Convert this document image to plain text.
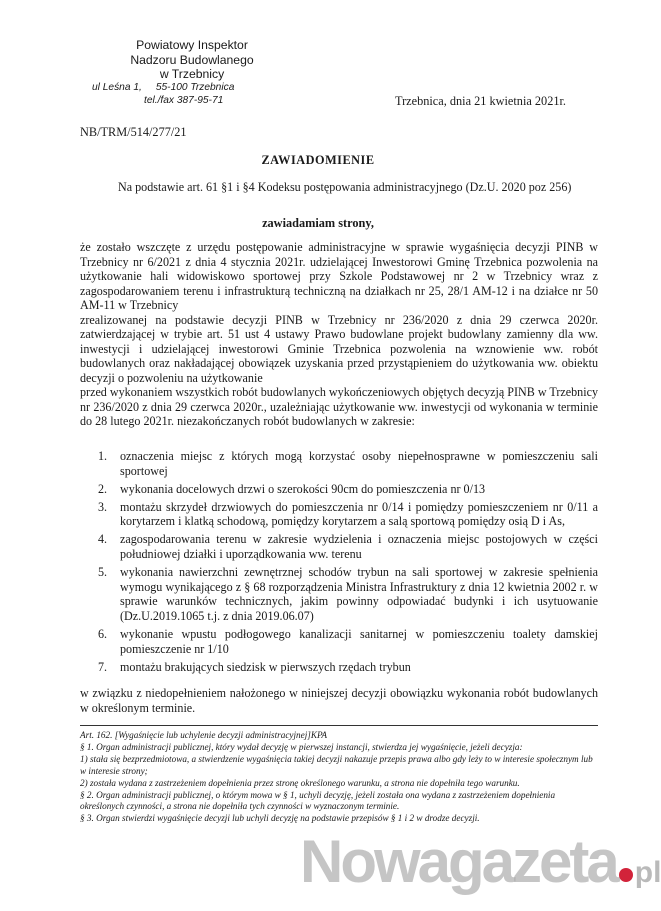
Powiatowy Inspektor
Nadzoru Budowlanego
w Trzebnicy
ul Leśna 1, 55-100 Trzebnica
tel./fax 387-95-71	Trzebnica, dnia 21 kwietnia 2021r.
NB/TRM/514/277/21
ZAWIADOMIENIE
Na podstawie art. 61 §1 i §4 Kodeksu postępowania administracyjnego (Dz.U. 2020 poz 256)
zawiadamiam strony,

że zostało wszczęte z urzędu postępowanie administracyjne w sprawie wygaśnięcia decyzji PINB w Trzebnicy nr 6/2021 z dnia 4 stycznia 2021r. udzielającej Inwestorowi Gminę Trzebnica pozwolenia na użytkowanie hali widowiskowo sportowej przy Szkole Podstawowej nr 2 w Trzebnicy wraz z zagospodarowaniem terenu i infrastrukturą techniczną na działkach nr 25, 28/1 AM-12 i na działce nr 50 AM-11 w Trzebnicy

zrealizowanej na podstawie decyzji PINB w Trzebnicy nr 236/2020 z dnia 29 czerwca 2020r. zatwierdzającej w trybie art. 51 ust 4 ustawy Prawo budowlane projekt budowlany zamienny dla ww. inwestycji i udzielającej inwestorowi Gminie Trzebnica pozwolenia na wznowienie ww. robót budowlanych oraz nakładającej obowiązek uzyskania przed przystąpieniem do użytkowania ww. obiektu decyzji o pozwoleniu na użytkowanie

przed wykonaniem wszystkich robót budowlanych wykończeniowych objętych decyzją PINB w Trzebnicy nr 236/2020 z dnia 29 czerwca 2020r., uzależniając użytkowanie ww. inwestycji od wykonania w terminie do 28 lutego 2021r. niezakończanych robót budowlanych w zakresie:

1. oznaczenia miejsc z których mogą korzystać osoby niepełnosprawne w pomieszczeniu sali sportowej
2. wykonania docelowych drzwi o szerokości 90cm do pomieszczenia nr 0/13
3. montażu skrzydeł drzwiowych do pomieszczenia nr 0/14 i pomiędzy pomieszczeniem nr 0/11 a korytarzem i klatką schodową, pomiędzy korytarzem a salą sportową pomiędzy osią D i As,
4. zagospodarowania terenu w zakresie wydzielenia i oznaczenia miejsc postojowych w części południowej działki i uporządkowania ww. terenu
5. wykonania nawierzchni zewnętrznej schodów trybun na sali sportowej w zakresie spełnienia wymogu wynikającego z § 68 rozporządzenia Ministra Infrastruktury z dnia 12 kwietnia 2002 r. w sprawie warunków technicznych, jakim powinny odpowiadać budynki i ich usytuowanie (Dz.U.2019.1065 t.j. z dnia 2019.06.07)
6. wykonanie wpustu podłogowego kanalizacji sanitarnej w pomieszczeniu toalety damskiej pomieszczenie nr 1/10
7. montażu brakujących siedzisk w pierwszych rzędach trybun
w związku z niedopełnieniem nałożonego w niniejszej decyzji obowiązku wykonania robót budowlanych w określonym terminie.

Art. 162. [Wygaśnięcie lub uchylenie decyzji administracyjnej]KPA

§ 1. Organ administracji publicznej, który wydał decyzję w pierwszej instancji, stwierdza jej wygaśnięcie, jeżeli decyzja:

1) stała się bezprzedmiotowa, a stwierdzenie wygaśnięcia takiej decyzji nakazuje przepis prawa albo gdy leży to w interesie społecznym lub w interesie strony;

2) została wydana z zastrzeżeniem dopełnienia przez stronę określonego warunku, a strona nie dopełniła tego warunku.

§ 2. Organ administracji publicznej, o którym mowa w § 1, uchyli decyzję, jeżeli została ona wydana z zastrzeżeniem dopełnienia określonych czynności, a strona nie dopełniła tych czynności w wyznaczonym terminie.

§ 3. Organ stwierdzi wygaśnięcie decyzji lub uchyli decyzję na podstawie przepisów § 1 i 2 w drodze decyzji.

Nowagazeta pl
